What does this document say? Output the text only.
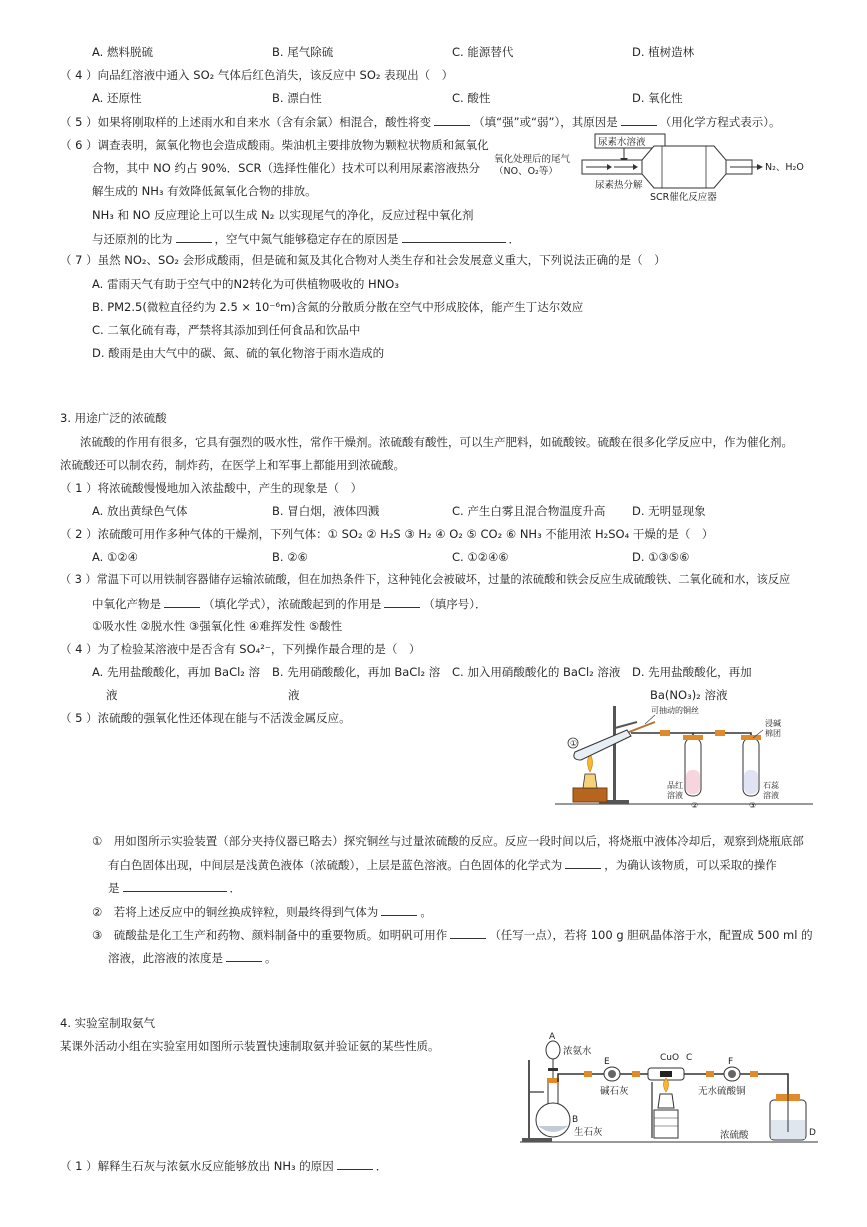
A. 燃料脱硫	B. 尾气除硫	C. 能源替代	D. 植树造林
（ 4 ）向品红溶液中通入 SO₂ 气体后红色消失，该反应中 SO₂ 表现出（　）
A. 还原性	B. 漂白性	C. 酸性	D. 氧化性
（ 5 ）如果将刚取样的上述雨水和自来水（含有余氯）相混合，酸性将变	（填“强”或“弱”），其原因是	（用化学方程式表示）。
（ 6 ）调查表明，氮氧化物也会造成酸雨。柴油机主要排放物为颗粒状物质和氮氧化
合物，其中 NO 约占 90%．SCR（选择性催化）技术可以利用尿素溶液热分
解生成的 NH₃ 有效降低氮氧化合物的排放。
NH₃ 和 NO 反应理论上可以生成 N₂ 以实现尾气的净化，反应过程中氧化剂
与还原剂的比为	，空气中氮气能够稳定存在的原因是	．
尿素水溶液
氧化处理后的尾气
（NO、O₂等）	N₂、H₂O
尿素热分解
SCR催化反应器
（ 7 ）虽然 NO₂、SO₂ 会形成酸雨，但是硫和氮及其化合物对人类生存和社会发展意义重大，下列说法正确的是（　）
A. 雷雨天气有助于空气中的N2转化为可供植物吸收的 HNO₃
B. PM2.5(微粒直径约为 2.5 × 10⁻⁶m)含氮的分散质分散在空气中形成胶体，能产生丁达尔效应
C. 二氧化硫有毒，严禁将其添加到任何食品和饮品中
D. 酸雨是由大气中的碳、氮、硫的氧化物溶于雨水造成的
3. 用途广泛的浓硫酸
浓硫酸的作用有很多，它具有强烈的吸水性，常作干燥剂。浓硫酸有酸性，可以生产肥料，如硫酸铵。硫酸在很多化学反应中，作为催化剂。
浓硫酸还可以制农药，制炸药，在医学上和军事上都能用到浓硫酸。
（ 1 ）将浓硫酸慢慢地加入浓盐酸中，产生的现象是（　）
A. 放出黄绿色气体	B. 冒白烟，液体四溅	C. 产生白雾且混合物温度升高 D. 无明显现象
（ 2 ）浓硫酸可用作多种气体的干燥剂，下列气体：① SO₂ ② H₂S ③ H₂ ④ O₂ ⑤ CO₂ ⑥ NH₃ 不能用浓 H₂SO₄ 干燥的是（　）
A. ①②④	B. ②⑥	C. ①②④⑥	D. ①③⑤⑥
（ 3 ）常温下可以用铁制容器储存运输浓硫酸，但在加热条件下，这种钝化会被破坏，过量的浓硫酸和铁会反应生成硫酸铁、二氧化硫和水，该反应
中氧化产物是	（填化学式），浓硫酸起到的作用是	（填序号）．
①吸水性 ②脱水性 ③强氧化性 ④难挥发性 ⑤酸性
（ 4 ）为了检验某溶液中是否含有 SO₄²⁻，下列操作最合理的是（　）
A. 先用盐酸酸化，再加 BaCl₂ 溶
液
B. 先用硝酸酸化，再加 BaCl₂ 溶
液
C. 加入用硝酸酸化的 BaCl₂ 溶液 D. 先用盐酸酸化，再加
Ba(NO₃)₂ 溶液
（ 5 ）浓硫酸的强氧化性还体现在能与不活泼金属反应。
①
可抽动的铜丝
品红
溶液
②
石蕊
溶液
③
浸碱
棉团
①　用如图所示实验装置（部分夹持仪器已略去）探究铜丝与过量浓硫酸的反应。反应一段时间以后，将烧瓶中液体冷却后，观察到烧瓶底部
有白色固体出现，中间层是浅黄色液体（浓硫酸），上层是蓝色溶液。白色固体的化学式为	，为确认该物质，可以采取的操作
是	．
②　若将上述反应中的铜丝换成锌粒，则最终得到气体为	。
③　硫酸盐是化工生产和药物、颜料制备中的重要物质。如明矾可用作	（任写一点），若将 100 g 胆矾晶体溶于水，配置成 500 ml 的
溶液，此溶液的浓度是	。
4. 实验室制取氨气
某课外活动小组在实验室用如图所示装置快速制取氨并验证氨的某些性质。
A
浓氨水
B
生石灰
E
碱石灰
CuO C	F
无水硫酸铜
浓硫酸	D
（ 1 ）解释生石灰与浓氨水反应能够放出 NH₃ 的原因	．
